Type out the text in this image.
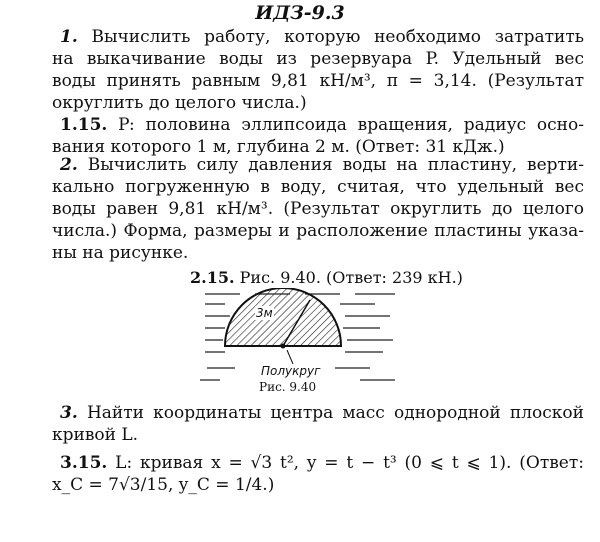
ИДЗ-9.3
1. Вычислить работу, которую необходимо затратить
на выкачивание воды из резервуара P. Удельный вес
воды принять равным 9,81 кН/м³, π = 3,14. (Результат
округлить до целого числа.)
1.15. P: половина эллипсоида вращения, радиус осно-
вания которого 1 м, глубина 2 м. (Ответ: 31 кДж.)
2. Вычислить силу давления воды на пластину, верти-
кально погруженную в воду, считая, что удельный вес
воды равен 9,81 кН/м³. (Результат округлить до целого
числа.) Форма, размеры и расположение пластины указа-
ны на рисунке.
2.15. Рис. 9.40. (Ответ: 239 кН.)
3м
Полукруг
Рис. 9.40
3. Найти координаты центра масс однородной плоской
кривой L.
3.15. L: кривая x = √3 t², y = t − t³ (0 ⩽ t ⩽ 1). (Ответ:
x_C = 7√3/15, y_C = 1/4.)
